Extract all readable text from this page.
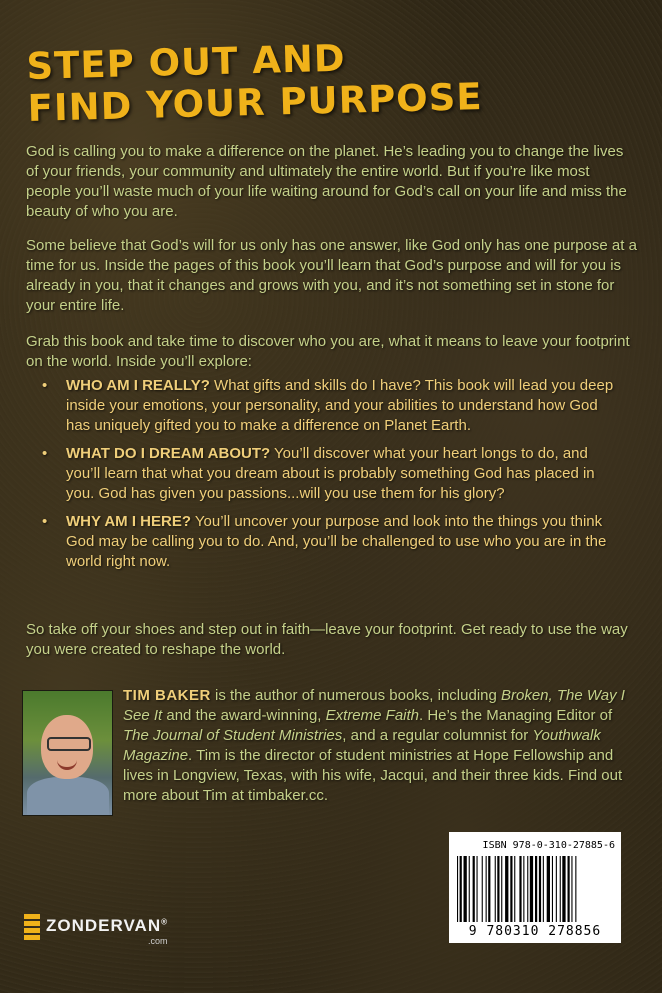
STEP OUT AND
FIND YOUR PURPOSE
God is calling you to make a difference on the planet. He’s leading you to change the lives of your friends, your community and ultimately the entire world. But if you’re like most people you’ll waste much of your life waiting around for God’s call on your life and miss the beauty of who you are.
Some believe that God’s will for us only has one answer, like God only has one purpose at a time for us. Inside the pages of this book you’ll learn that God’s purpose and will for you is already in you, that it changes and grows with you, and it’s not something set in stone for your entire life.
Grab this book and take time to discover who you are, what it means to leave your footprint on the world. Inside you’ll explore:
• WHO AM I REALLY? What gifts and skills do I have? This book will lead you deep inside your emotions, your personality, and your abilities to understand how God has uniquely gifted you to make a difference on Planet Earth.
• WHAT DO I DREAM ABOUT? You’ll discover what your heart longs to do, and you’ll learn that what you dream about is probably something God has placed in you. God has given you passions...will you use them for his glory?
• WHY AM I HERE? You’ll uncover your purpose and look into the things you think God may be calling you to do. And, you’ll be challenged to use who you are in the world right now.
So take off your shoes and step out in faith—leave your footprint. Get ready to use the way you were created to reshape the world.
TIM BAKER is the author of numerous books, including Broken, The Way I See It and the award-winning, Extreme Faith. He’s the Managing Editor of The Journal of Student Ministries, and a regular columnist for Youthwalk Magazine. Tim is the director of student ministries at Hope Fellowship and lives in Longview, Texas, with his wife, Jacqui, and their three kids. Find out more about Tim at timbaker.cc.
ISBN 978-0-310-27885-6
9 780310 278856
ZONDERVAN®
.com
